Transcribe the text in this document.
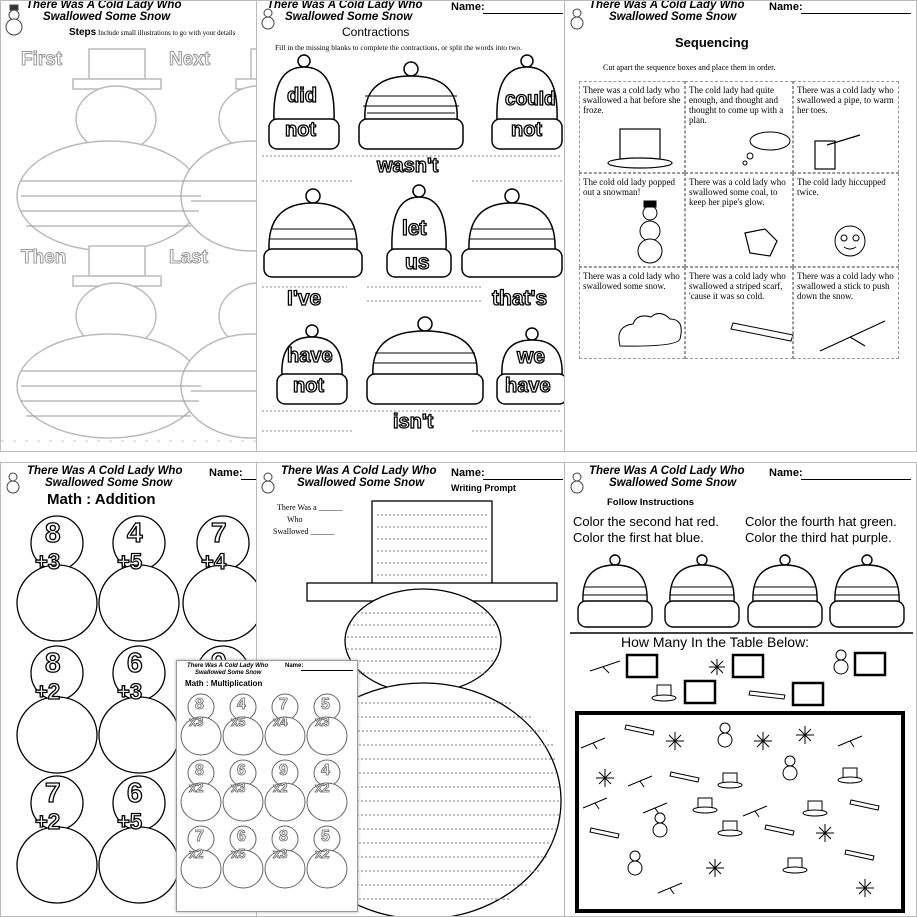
There Was A Cold Lady Who
Swallowed Some Snow
Steps Include small illustrations to go with your details
First	Next
Then	Last
There Was A Cold Lady Who
Swallowed Some Snow
Name:
Contractions
Fill in the missing blanks to complete the contractions, or split the words into two.
did
not
could
not
wasn't
let
us
I've	that's
have
not
we
have
isn't
There Was A Cold Lady Who
Swallowed Some Snow
Name:
Sequencing
Cut apart the sequence boxes and place them in order.
There was a cold lady who swallowed a hat before she froze.
The cold lady had quite enough, and thought and thought to come up with a plan.
There was a cold lady who swallowed a pipe, to warm her toes.
The cold old lady popped out a snowman!
There was a cold lady who swallowed some coal, to keep her pipe's glow.
The cold lady hiccupped twice.
There was a cold lady who swallowed some snow.
There was a cold lady who swallowed a striped scarf, 'cause it was so cold.
There was a cold lady who swallowed a stick to push down the snow.
There Was A Cold Lady Who
Swallowed Some Snow
Name:
Math : Addition
8
+3
4
+5
7
+4
8
+2
6
+3
7
+2
6
+5
There Was A Cold Lady Who
Swallowed Some Snow
Name:
Writing Prompt
There Was a ______
Who
Swallowed ______
There Was A Cold Lady Who
Swallowed Some Snow
Name:
Math : Multiplication
8
x3
4
x5
7
x4
5
x3
8
x2
6
x3
9
x2
4
x2
7
x2
6
x5
8
x3
5
x2
There Was A Cold Lady Who
Swallowed Some Snow
Name:
Follow Instructions
Color the second hat red. Color the fourth hat green.
Color the first hat blue.	Color the third hat purple.
How Many In the Table Below:
